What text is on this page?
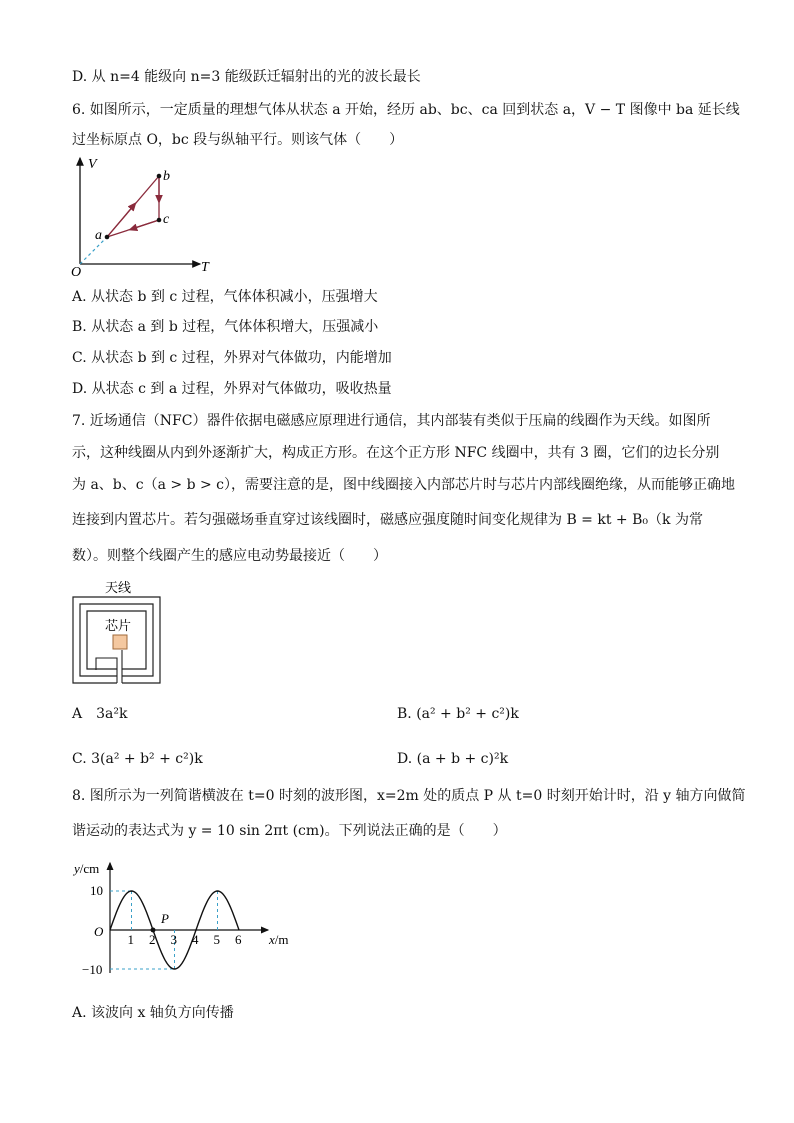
D. 从 n=4 能级向 n=3 能级跃迁辐射出的光的波长最长
6. 如图所示，一定质量的理想气体从状态 a 开始，经历 ab、bc、ca 回到状态 a，V − T 图像中 ba 延长线
过坐标原点 O，bc 段与纵轴平行。则该气体（　　）
V
T
O
a
b
c
A. 从状态 b 到 c 过程，气体体积减小，压强增大
B. 从状态 a 到 b 过程，气体体积增大，压强减小
C. 从状态 b 到 c 过程，外界对气体做功，内能增加
D. 从状态 c 到 a 过程，外界对气体做功，吸收热量
7. 近场通信（NFC）器件依据电磁感应原理进行通信，其内部装有类似于压扁的线圈作为天线。如图所
示，这种线圈从内到外逐渐扩大，构成正方形。在这个正方形 NFC 线圈中，共有 3 圈，它们的边长分别
为 a、b、c（a > b > c），需要注意的是，图中线圈接入内部芯片时与芯片内部线圈绝缘，从而能够正确地
连接到内置芯片。若匀强磁场垂直穿过该线圈时，磁感应强度随时间变化规律为 B = kt + B₀（k 为常
数）。则整个线圈产生的感应电动势最接近（　　）
天线
芯片
A　3a²k	B. (a² + b² + c²)k
C. 3(a² + b² + c²)k	D. (a + b + c)²k
8. 图所示为一列简谐横波在 t=0 时刻的波形图，x=2m 处的质点 P 从 t=0 时刻开始计时，沿 y 轴方向做简
谐运动的表达式为 y = 10 sin 2πt (cm)。下列说法正确的是（　　）
1 2 3 4 5 6
P
y/cm
x/m
O
10
−10
A. 该波向 x 轴负方向传播
